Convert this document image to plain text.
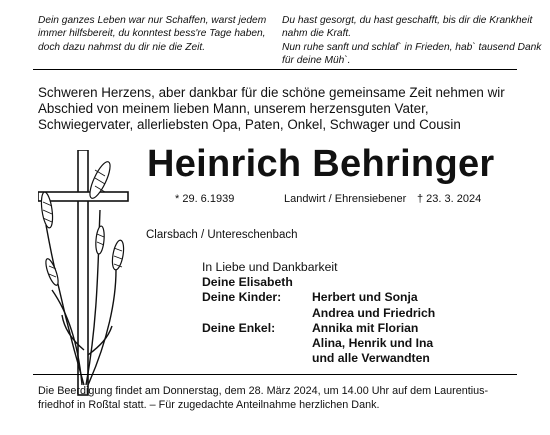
Dein ganzes Leben war nur Schaffen, warst jedem
immer hilfsbereit, du konntest bess're Tage haben,
doch dazu nahmst du dir nie die Zeit.
Du hast gesorgt, du hast geschafft, bis dir die Krankheit
nahm die Kraft.
Nun ruhe sanft und schlaf` in Frieden, hab` tausend Dank
für deine Müh`.
Schweren Herzens, aber dankbar für die schöne gemeinsame Zeit nehmen wir
Abschied von meinem lieben Mann, unserem herzensguten Vater,
Schwiegervater, allerliebsten Opa, Paten, Onkel, Schwager und Cousin
Heinrich Behringer
* 29. 6.1939	Landwirt / Ehrensiebener † 23. 3. 2024
Clarsbach / Untereschenbach
In Liebe und Dankbarkeit
Deine Elisabeth
Deine Kinder:	Herbert und Sonja
Andrea und Friedrich
Deine Enkel:	Annika mit Florian
Alina, Henrik und Ina
und alle Verwandten
Die Beerdigung findet am Donnerstag, dem 28. März 2024, um 14.00 Uhr auf dem Laurentius-
friedhof in Roßtal statt. – Für zugedachte Anteilnahme herzlichen Dank.
